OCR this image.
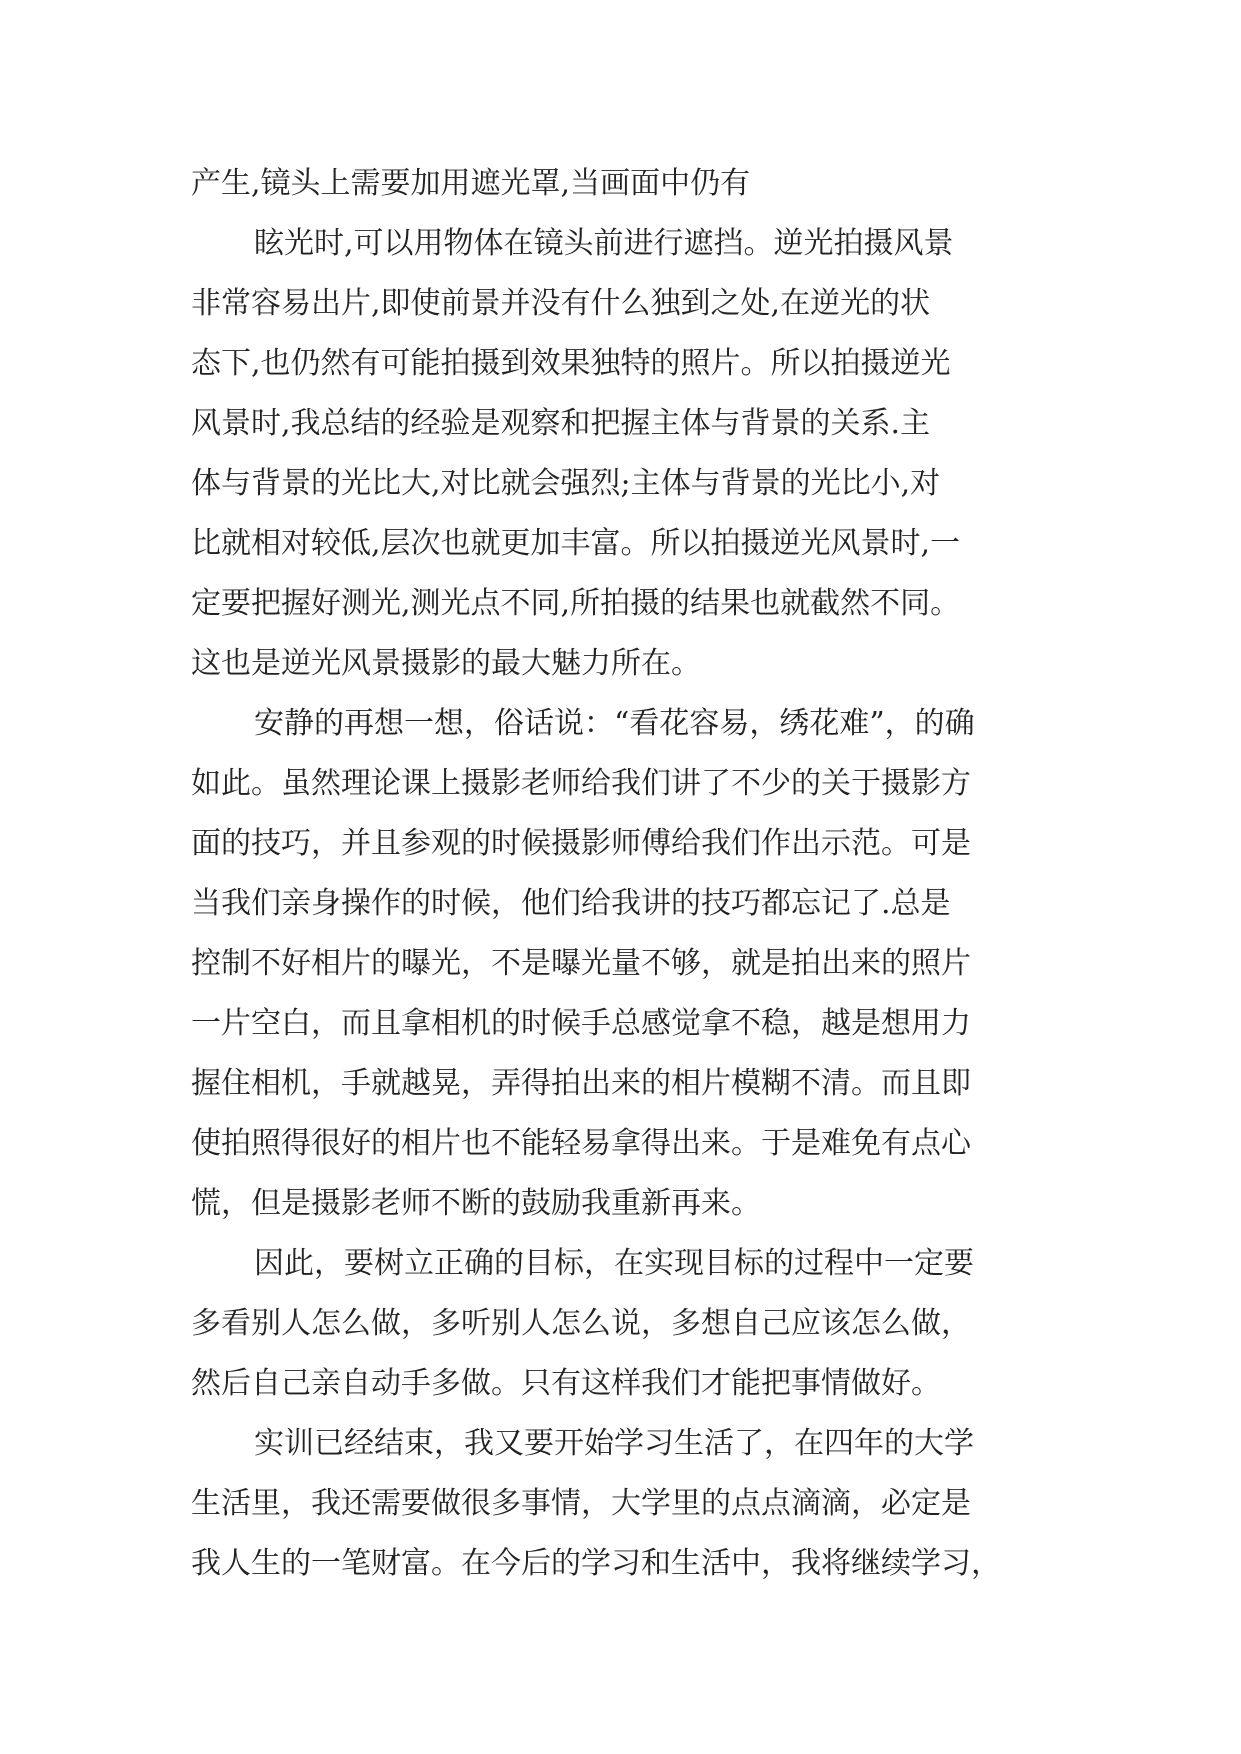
产生,镜头上需要加用遮光罩,当画面中仍有
眩光时,可以用物体在镜头前进行遮挡。逆光拍摄风景
非常容易出片,即使前景并没有什么独到之处,在逆光的状
态下,也仍然有可能拍摄到效果独特的照片。所以拍摄逆光
风景时,我总结的经验是观察和把握主体与背景的关系.主
体与背景的光比大,对比就会强烈;主体与背景的光比小,对
比就相对较低,层次也就更加丰富。所以拍摄逆光风景时,一
定要把握好测光,测光点不同,所拍摄的结果也就截然不同。
这也是逆光风景摄影的最大魅力所在。
安静的再想一想，俗话说：“看花容易，绣花难”，的确
如此。虽然理论课上摄影老师给我们讲了不少的关于摄影方
面的技巧，并且参观的时候摄影师傅给我们作出示范。可是
当我们亲身操作的时候，他们给我讲的技巧都忘记了.总是
控制不好相片的曝光，不是曝光量不够，就是拍出来的照片
一片空白，而且拿相机的时候手总感觉拿不稳，越是想用力
握住相机，手就越晃，弄得拍出来的相片模糊不清。而且即
使拍照得很好的相片也不能轻易拿得出来。于是难免有点心
慌，但是摄影老师不断的鼓励我重新再来。
因此，要树立正确的目标，在实现目标的过程中一定要
多看别人怎么做，多听别人怎么说，多想自己应该怎么做，
然后自己亲自动手多做。只有这样我们才能把事情做好。
实训已经结束，我又要开始学习生活了，在四年的大学
生活里，我还需要做很多事情，大学里的点点滴滴，必定是
我人生的一笔财富。在今后的学习和生活中，我将继续学习，
